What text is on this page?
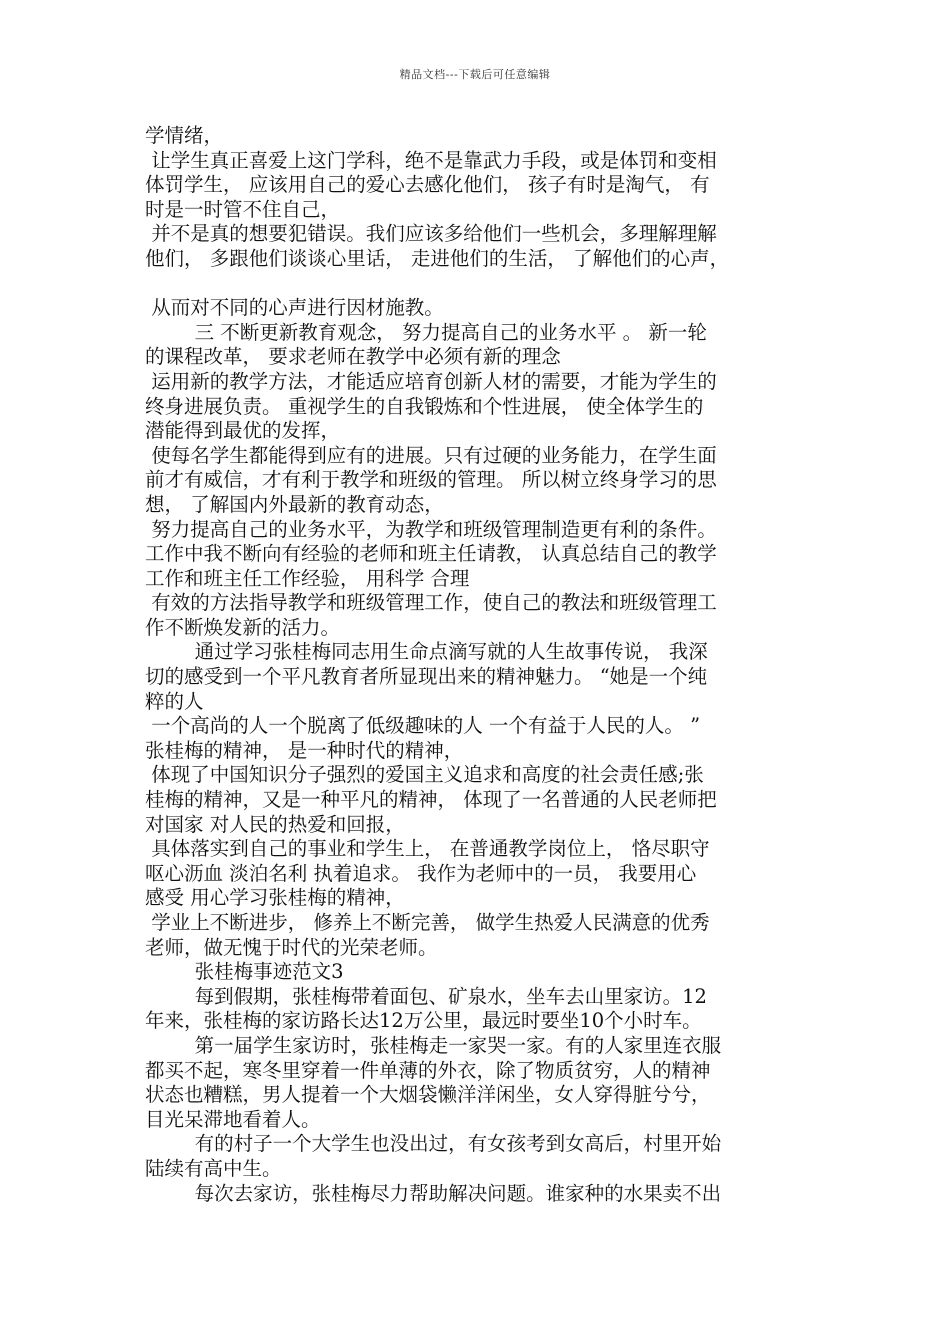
精品文档---下载后可任意编辑
学情绪，
让学生真正喜爱上这门学科，绝不是靠武力手段，或是体罚和变相
体罚学生， 应该用自己的爱心去感化他们， 孩子有时是淘气， 有
时是一时管不住自己，
并不是真的想要犯错误。我们应该多给他们一些机会，多理解理解
他们， 多跟他们谈谈心里话， 走进他们的生活， 了解他们的心声，
从而对不同的心声进行因材施教。
三 不断更新教育观念， 努力提高自己的业务水平 。 新一轮
的课程改革， 要求老师在教学中必须有新的理念
运用新的教学方法，才能适应培育创新人材的需要，才能为学生的
终身进展负责。 重视学生的自我锻炼和个性进展， 使全体学生的
潜能得到最优的发挥，
使每名学生都能得到应有的进展。只有过硬的业务能力，在学生面
前才有威信，才有利于教学和班级的管理。 所以树立终身学习的思
想， 了解国内外最新的教育动态，
努力提高自己的业务水平，为教学和班级管理制造更有利的条件。
工作中我不断向有经验的老师和班主任请教， 认真总结自己的教学
工作和班主任工作经验， 用科学 合理
有效的方法指导教学和班级管理工作，使自己的教法和班级管理工
作不断焕发新的活力。
通过学习张桂梅同志用生命点滴写就的人生故事传说， 我深
切的感受到一个平凡教育者所显现出来的精神魅力。 “她是一个纯
粹的人
一个高尚的人一个脱离了低级趣味的人 一个有益于人民的人。 ”
张桂梅的精神， 是一种时代的精神，
体现了中国知识分子强烈的爱国主义追求和高度的社会责任感;张
桂梅的精神，又是一种平凡的精神， 体现了一名普通的人民老师把
对国家 对人民的热爱和回报，
具体落实到自己的事业和学生上， 在普通教学岗位上， 恪尽职守
呕心沥血 淡泊名利 执着追求。 我作为老师中的一员， 我要用心
感受 用心学习张桂梅的精神，
学业上不断进步， 修养上不断完善， 做学生热爱人民满意的优秀
老师，做无愧于时代的光荣老师。
张桂梅事迹范文3
每到假期，张桂梅带着面包、矿泉水，坐车去山里家访。12
年来，张桂梅的家访路长达12万公里，最远时要坐10个小时车。
第一届学生家访时，张桂梅走一家哭一家。有的人家里连衣服
都买不起，寒冬里穿着一件单薄的外衣，除了物质贫穷，人的精神
状态也糟糕，男人提着一个大烟袋懒洋洋闲坐，女人穿得脏兮兮，
目光呆滞地看着人。
有的村子一个大学生也没出过，有女孩考到女高后，村里开始
陆续有高中生。
每次去家访，张桂梅尽力帮助解决问题。谁家种的水果卖不出
